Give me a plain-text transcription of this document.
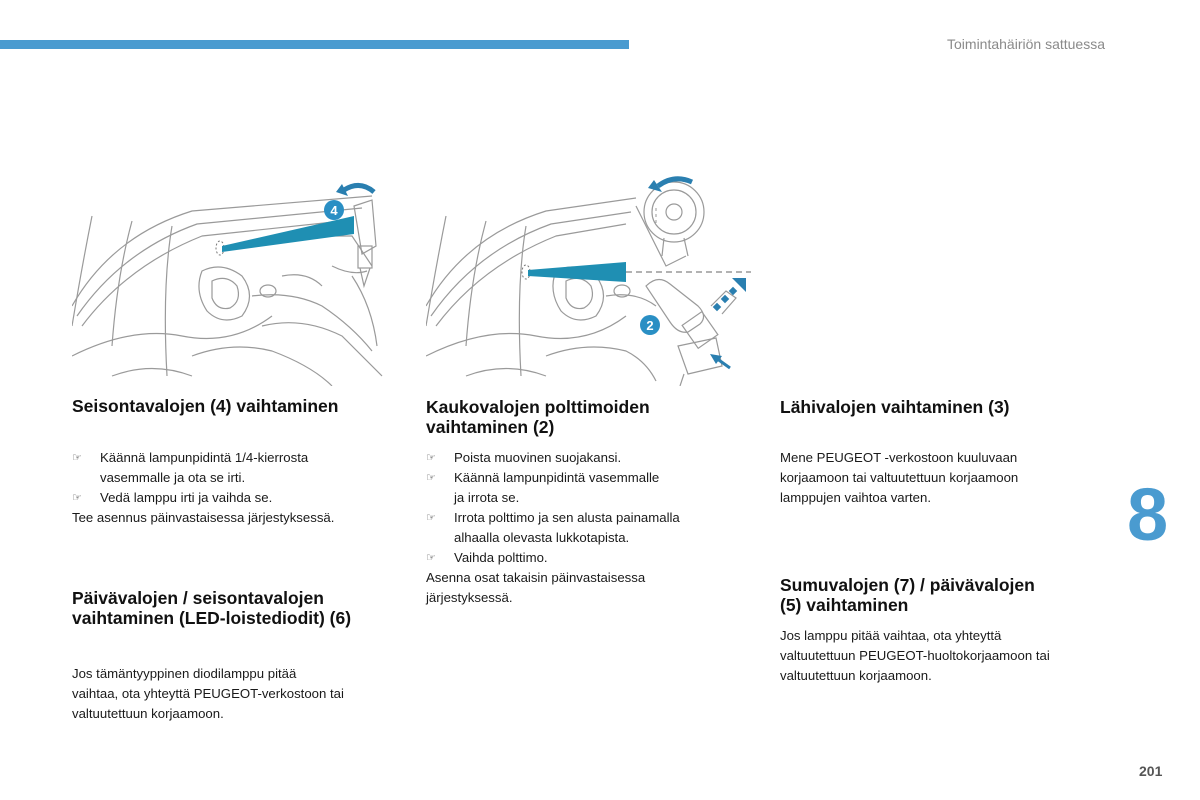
Toimintahäiriön sattuessa
4
2
Seisontavalojen (4) vaihtaminen
☞	Käännä lampunpidintä 1/4-kierrosta
vasemmalle ja ota se irti.
☞	Vedä lamppu irti ja vaihda se.
Tee asennus päinvastaisessa järjestyksessä.
Päivävalojen / seisontavalojen
vaihtaminen (LED-loistediodit) (6)
Jos tämäntyyppinen diodilamppu pitää
vaihtaa, ota yhteyttä PEUGEOT-verkostoon tai
valtuutettuun korjaamoon.
Kaukovalojen polttimoiden
vaihtaminen (2)
☞	Poista muovinen suojakansi.
☞	Käännä lampunpidintä vasemmalle
ja irrota se.
☞	Irrota polttimo ja sen alusta painamalla
alhaalla olevasta lukkotapista.
☞	Vaihda polttimo.
Asenna osat takaisin päinvastaisessa
järjestyksessä.
Lähivalojen vaihtaminen (3)
Mene PEUGEOT -verkostoon kuuluvaan
korjaamoon tai valtuutettuun korjaamoon
lamppujen vaihtoa varten.
Sumuvalojen (7) / päivävalojen
(5) vaihtaminen
Jos lamppu pitää vaihtaa, ota yhteyttä
valtuutettuun PEUGEOT-huoltokorjaamoon tai
valtuutettuun korjaamoon.
8
201
